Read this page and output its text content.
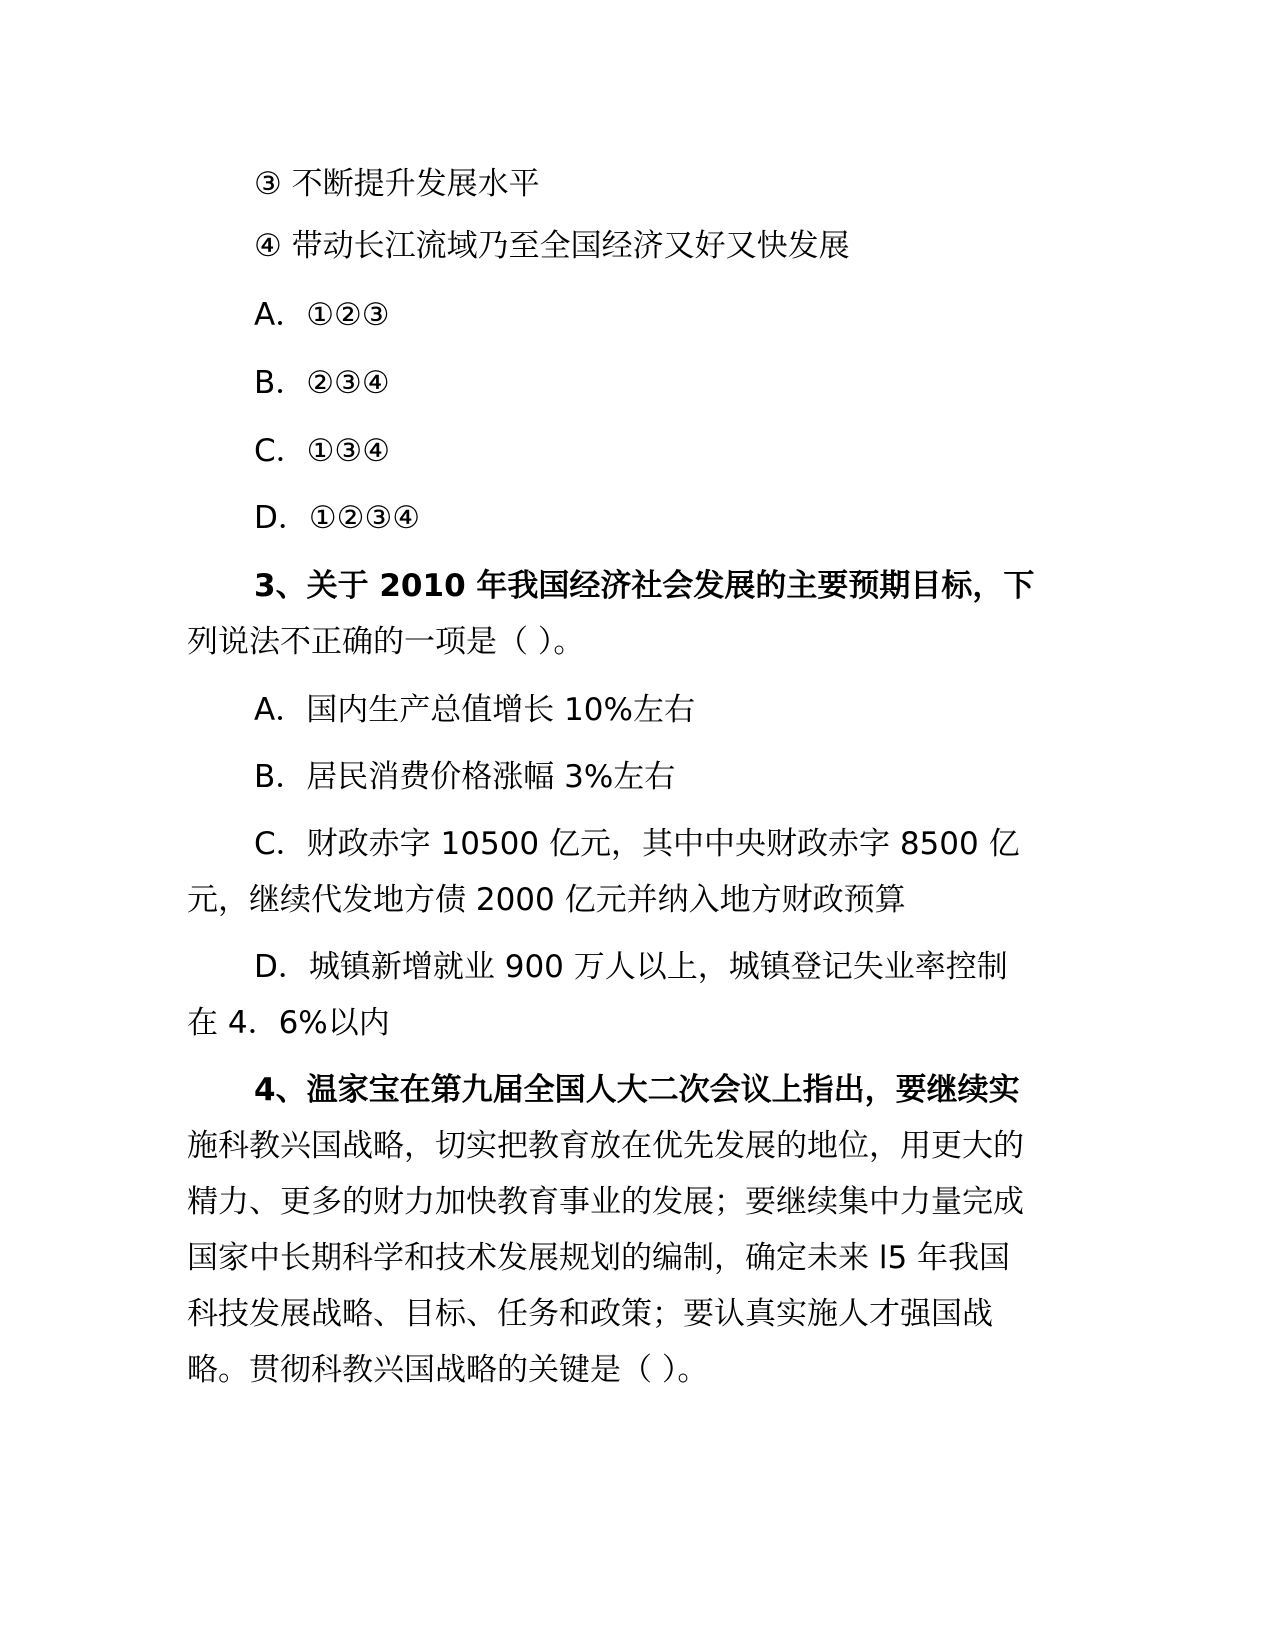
③ 不断提升发展水平
④ 带动长江流域乃至全国经济又好又快发展
A．①②③
B．②③④
C．①③④
D．①②③④
3、关于 2010 年我国经济社会发展的主要预期目标，下
列说法不正确的一项是（ ）。
A．国内生产总值增长 10%左右
B．居民消费价格涨幅 3%左右
C．财政赤字 10500 亿元，其中中央财政赤字 8500 亿
元，继续代发地方债 2000 亿元并纳入地方财政预算
D．城镇新增就业 900 万人以上，城镇登记失业率控制
在 4．6%以内
4、温家宝在第九届全国人大二次会议上指出，要继续实
施科教兴国战略，切实把教育放在优先发展的地位，用更大的
精力、更多的财力加快教育事业的发展；要继续集中力量完成
国家中长期科学和技术发展规划的编制，确定未来 l5 年我国
科技发展战略、目标、任务和政策；要认真实施人才强国战
略。贯彻科教兴国战略的关键是（ ）。
